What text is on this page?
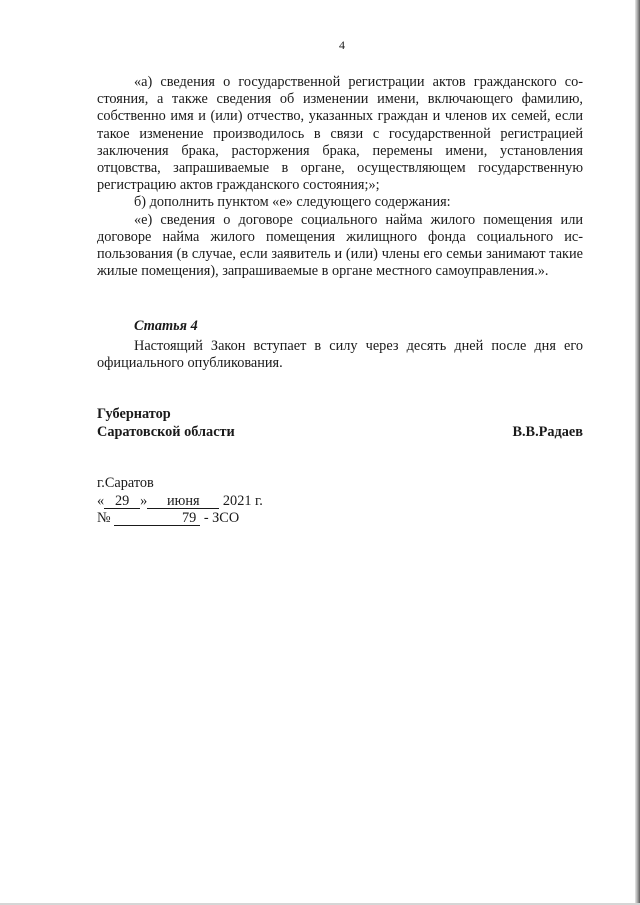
4

«а) сведения о государственной регистрации актов гражданского состояния, а также сведения об изменении имени, включающего фамилию, собственно имя и (или) отчество, указанных граждан и членов их семей, если такое изменение производилось в связи с государственной регистрацией заключения брака, расторжения брака, перемены имени, установления отцовства, запрашиваемые в органе, осуществляющем государственную регистрацию актов гражданского состояния;»;

б) дополнить пунктом «е» следующего содержания:

«е) сведения о договоре социального найма жилого помещения или договоре найма жилого помещения жилищного фонда социального использования (в случае, если заявитель и (или) члены его семьи занимают такие жилые помещения), запрашиваемые в органе местного самоуправления.».

Статья 4

Настоящий Закон вступает в силу через десять дней после дня его официального опубликования.

Губернатор
Саратовской области	В.В.Радаев
г.Саратов
« 29 » июня 2021 г.
№	79 - ЗСО
